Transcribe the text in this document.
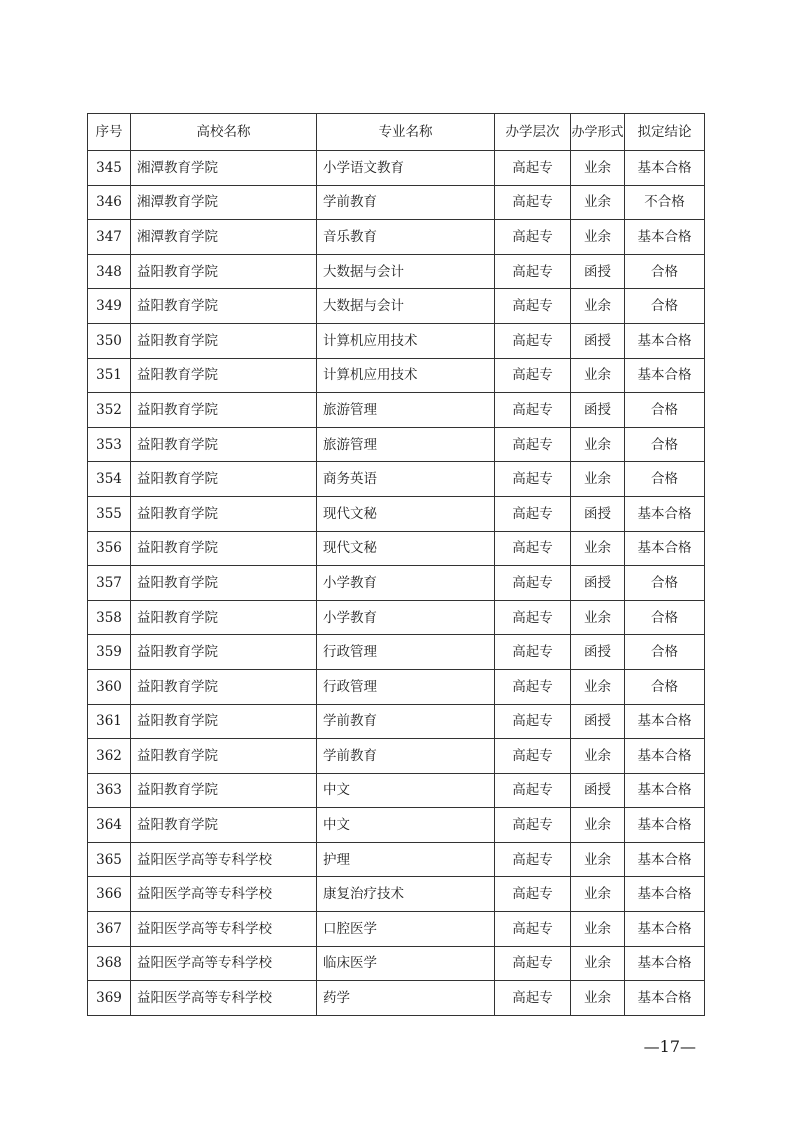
序号	高校名称	专业名称	办学层次	办学形式	拟定结论
345	湘潭教育学院	小学语文教育	高起专	业余	基本合格
346	湘潭教育学院	学前教育	高起专	业余	不合格
347	湘潭教育学院	音乐教育	高起专	业余	基本合格
348	益阳教育学院	大数据与会计	高起专	函授	合格
349	益阳教育学院	大数据与会计	高起专	业余	合格
350	益阳教育学院	计算机应用技术	高起专	函授	基本合格
351	益阳教育学院	计算机应用技术	高起专	业余	基本合格
352	益阳教育学院	旅游管理	高起专	函授	合格
353	益阳教育学院	旅游管理	高起专	业余	合格
354	益阳教育学院	商务英语	高起专	业余	合格
355	益阳教育学院	现代文秘	高起专	函授	基本合格
356	益阳教育学院	现代文秘	高起专	业余	基本合格
357	益阳教育学院	小学教育	高起专	函授	合格
358	益阳教育学院	小学教育	高起专	业余	合格
359	益阳教育学院	行政管理	高起专	函授	合格
360	益阳教育学院	行政管理	高起专	业余	合格
361	益阳教育学院	学前教育	高起专	函授	基本合格
362	益阳教育学院	学前教育	高起专	业余	基本合格
363	益阳教育学院	中文	高起专	函授	基本合格
364	益阳教育学院	中文	高起专	业余	基本合格
365	益阳医学高等专科学校	护理	高起专	业余	基本合格
366	益阳医学高等专科学校	康复治疗技术	高起专	业余	基本合格
367	益阳医学高等专科学校	口腔医学	高起专	业余	基本合格
368	益阳医学高等专科学校	临床医学	高起专	业余	基本合格
369	益阳医学高等专科学校	药学	高起专	业余	基本合格
—17—
